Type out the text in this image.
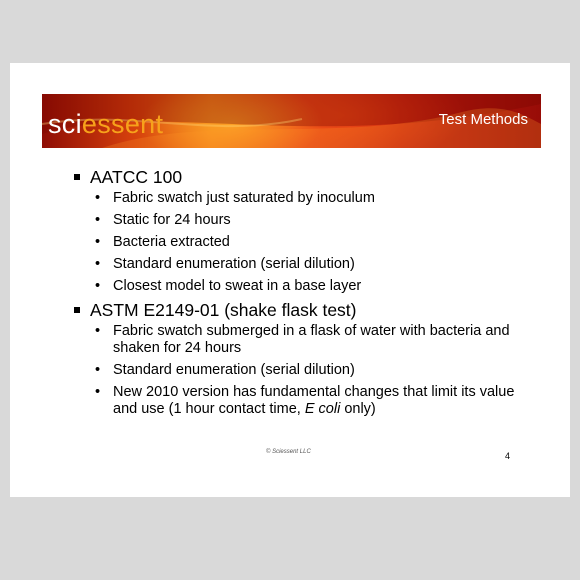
sciessent	Test Methods
AATCC 100
• Fabric swatch just saturated by inoculum
• Static for 24 hours
• Bacteria extracted
• Standard enumeration (serial dilution)
• Closest model to sweat in a base layer
ASTM E2149-01 (shake flask test)
• Fabric swatch submerged in a flask of water with bacteria and shaken for 24 hours
• Standard enumeration (serial dilution)
• New 2010 version has fundamental changes that limit its value and use (1 hour contact time, E coli only)
© Sciessent LLC	4
